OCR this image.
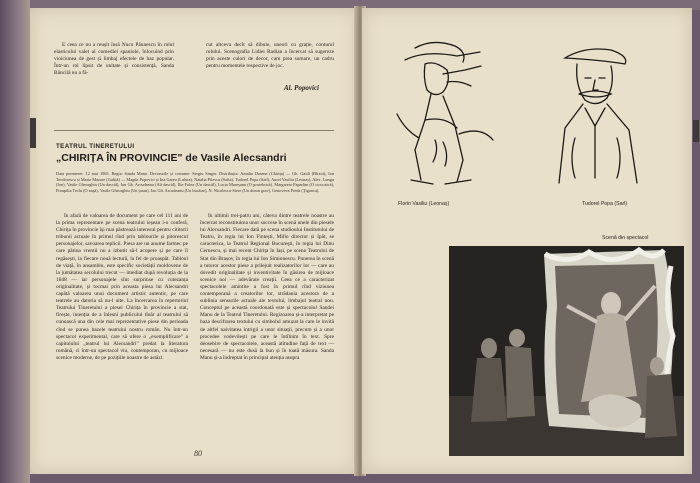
E ceea ce nu a reușit însă Nucu Păunescu în rolul elasticului valet al comediei spaniole, înlocuind prin vioiciunea de gest și limbaj efectele de haz popular. Într-un rol lipsit de unitate și consistență, Sanda Băncilă nu a fă-

cut altceva decît să dibuie, uneori cu grație, conturul rolului. Scenografia Lidiei Radian a încercat să sugereze prin aceste culori de decor, cam prea sumare, un cadru pentru momentele respective de joc.

Al. Popovici
TEATRUL TINERETULUI
„CHIRIȚA ÎN PROVINCIE" de Vasile Alecsandri
Data premierei: 12 mai 1965. Regia: Sanda Manu. Decorurile și costume: Sergiu Singer. Distribuția: Amalia Dasena (Chirița) — Gh. Gaidi (Bîrzoi), Ion Teodorescu și Maria Mazare (Guliță) — Magda Popovici și Ina Garea (Luluța), Natalia Pilescu (Safta), Tudorel Popa (Sarl), Aurel Vasiliu (Leonaș), Alex. Lungu (Ion), Vasile Gheorghiu (Un dascăl), Ion Gh. Arcudeanu (Alt dascăl), Ilie Folea (Un dascăl), Lucia Mureșanu (O postelnică), Margareta Papadim (O ciocoaică), Pompilia Teclu (O nașă), Vasile Gheorghiu (Un țaran), Ion Gh. Arcudeanu (Un bucătar), N. Nicolescu-Stere (Un domn grav), Genoveva Preda (Țiganca).

În afară de valoarea de document pe care cel 111 ani de la prima reprezentare pe scena teatrului ieșean i-o conferă, Chirița în provincie își mai păstrează interesul pentru cititorii tribunii actuale în primul rînd prin tablourile și pitorescul personajelor, savoarea replicii. Piesa are un anume farmec pe care pătina vremii nu a izbutit să-l acopere și pe care îl regăsești, la fiecare nouă lectură, la fel de proaspăt. Tabloul de viață, în ansamblu, este specific societății moldovene de la jumătatea secolului trecut — imediat după revoluția de la 1848 — iar personajele sînt surprinse cu cutezanța originalitate, și tocmai prin aceasta piesa lui Alecsandri capătă valoarea unui document artistic autentic, pe care teatrele au datoria să nu-l uite. La încercarea în repertoriul Teatrului Tineretului a piesei Chirița în provincie a stat, firește, intenția de a înlesni publicului tînăr al teatrului să cunoască una din cele mai reprezentative piese din perioada cînd se punea bazele teatrului nostru român. Nu într-un spectacol experimental, care să ofere o „exemplificare" a capitolului „teatrul lui Alecsandri" predat la literatura română, ci într-un spectacol viu, contemporan, cu mijloace scenice moderne, de pe pozițiile noastre de astăzi.

În ultimii trei-patru ani, câteva dintre teatrele noastre au încercat reconstituirea unor succese în scenă unele din piesele lui Alecsandri. Fiecare dată pe scena studioului Institutului de Teatru, în regia lui Ion Fintești, Millo director și Ipăt, se caracteriza, la Teatrul Regional București, în regia lui Dinu Cernescu, și mai recent Chirița în Iași, pe scena Teatrului de Stat din Brașov, în regia lui Ion Simionescu. Punerea în scenă a tuturor acestor piese a prilejuit realizatorilor lor — care au dovedit originalitate și inventivitate în găsirea de mijloace scenice noi — adevărate creații. Ceea ce a caracterizat spectacolele amintite a fost în primul rînd viziunea contemporană a creatorilor lor, strădania acestora de a sublinia sensurile actuale ale textului, limbajul teatral nou. Conceptul pe această coordonată este și spectacolul Sandei Manu de la Teatrul Tineretului. Regizoarea și-a interpretat pe baza descifrarea textului cu simbolul amuzat la care le invită de altfel naivitatea intrigii a unor situații, precum și a unor procedee vodevilești pe care le întîlnim în text. Spre deosebire de spectacolele, această atitudine față de text — necesară — nu este dusă la bun și în toată măsura. Sanda Manu și-a îndreptat în principal atenția asupra

80
Florin Vasiliu (Leonaș)	Tudorel Popa (Sarl)
Scenă din spectacol
